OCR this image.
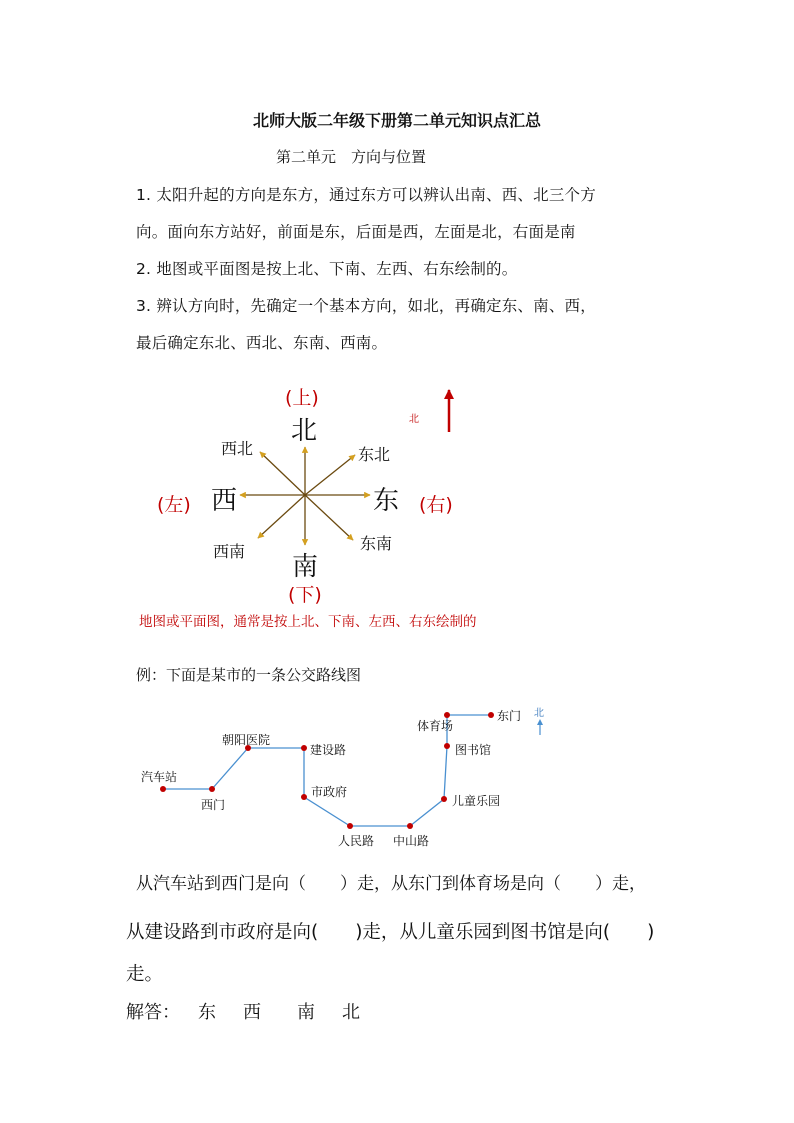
北师大版二年级下册第二单元知识点汇总
第二单元　方向与位置
1. 太阳升起的方向是东方，通过东方可以辨认出南、西、北三个方
向。面向东方站好，前面是东，后面是西，左面是北，右面是南
2. 地图或平面图是按上北、下南、左西、右东绘制的。
3. 辨认方向时，先确定一个基本方向，如北，再确定东、南、西，
最后确定东北、西北、东南、西南。
(上)
北
西北	东北
(左) 西	东 (右)
西南	东南
南
(下)
北
地图或平面图，通常是按上北、下南、左西、右东绘制的
例：下面是某市的一条公交路线图
汽车站
西门
朝阳医院
建设路
市政府
人民路 中山路
儿童乐园
图书馆
体育场
东门 北
从汽车站到西门是向（　　）走，从东门到体育场是向（　　）走，
从建设路到市政府是向(　　)走，从儿童乐园到图书馆是向(　　)
走。
解答： 东 西 南 北
